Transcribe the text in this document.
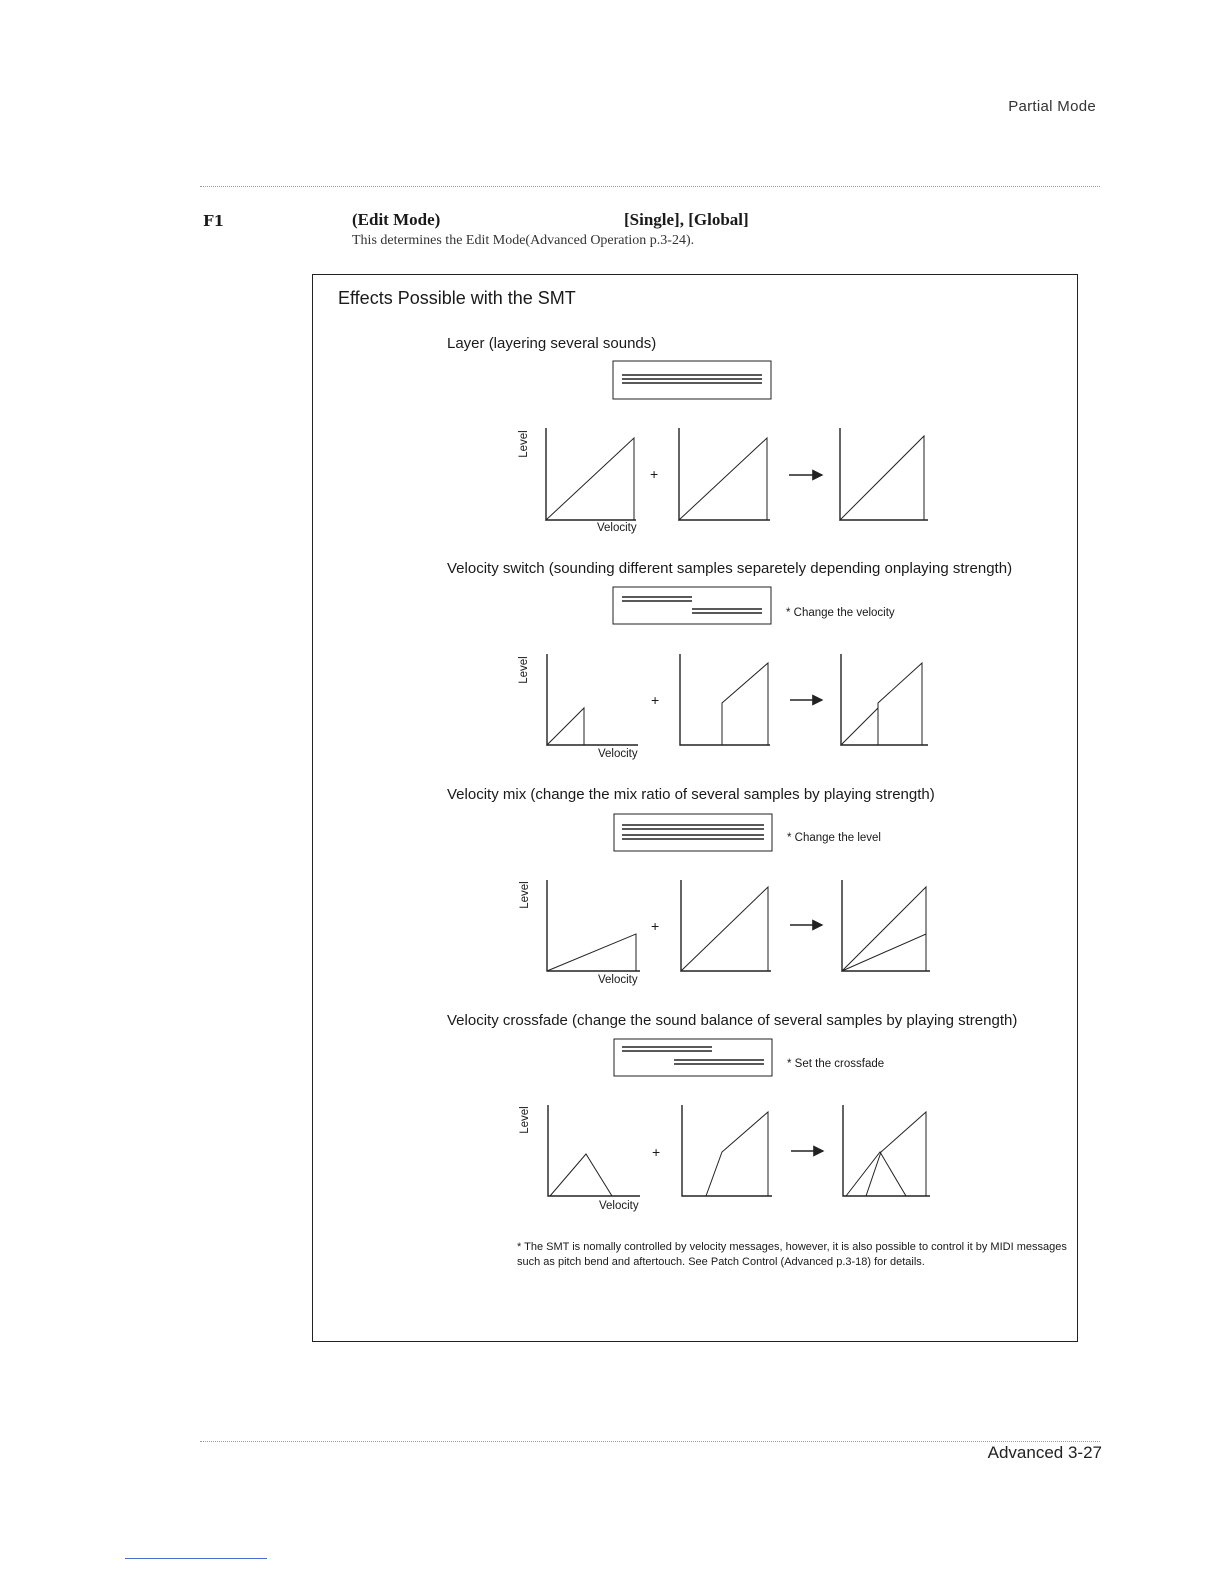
Partial Mode
F1	(Edit Mode)	[Single], [Global]
This determines the Edit Mode(Advanced Operation p.3-24).
Effects Possible with the SMT
Layer (layering several sounds)
Velocity switch (sounding different samples separetely depending onplaying strength)
Velocity mix (change the mix ratio of several samples by playing strength)
Velocity crossfade (change the sound balance of several samples by playing strength)
* Change the velocity
* Change the level
* Set the crossfade
Level
Level
Level
Level
Velocity
Velocity
Velocity
Velocity
+
+
+
+
* The SMT is nomally controlled by velocity messages, however, it is also possible to control it by MIDI messages such as pitch bend and aftertouch. See Patch Control (Advanced p.3-18) for details.
Advanced 3-27
